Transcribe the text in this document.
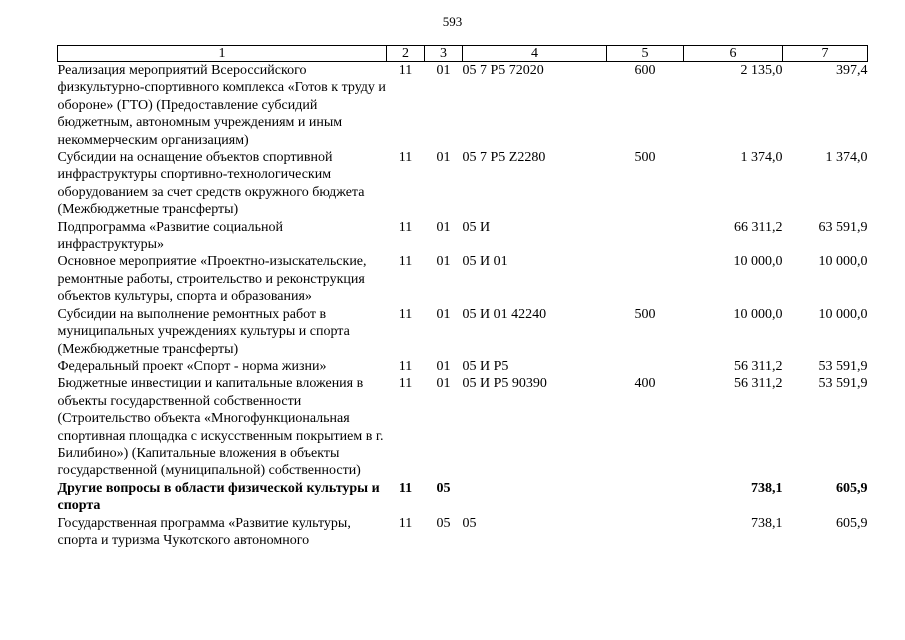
593
1	2	3	4	5	6	7
Реализация мероприятий Всероссийского физкультурно-спортивного комплекса «Готов к труду и обороне» (ГТО) (Предоставление субсидий бюджетным, автономным учреждениям и иным некоммерческим организациям)	11	01	05 7 Р5 72020	600	2 135,0	397,4
Субсидии на оснащение объектов спортивной инфраструктуры спортивно-технологическим оборудованием за счет средств окружного бюджета (Межбюджетные трансферты)	11	01	05 7 Р5 Z2280	500	1 374,0	1 374,0
Подпрограмма «Развитие социальной инфраструктуры»	11	01	05 И		66 311,2	63 591,9
Основное мероприятие «Проектно-изыскательские, ремонтные работы, строительство и реконструкция объектов культуры, спорта и образования»	11	01	05 И 01		10 000,0	10 000,0
Субсидии на выполнение ремонтных работ в муниципальных учреждениях культуры и спорта (Межбюджетные трансферты)	11	01	05 И 01 42240	500	10 000,0	10 000,0
Федеральный проект «Спорт - норма жизни»	11	01	05 И Р5		56 311,2	53 591,9
Бюджетные инвестиции и капитальные вложения в объекты государственной собственности (Строительство объекта «Многофункциональная спортивная площадка с искусственным покрытием в г. Билибино») (Капитальные вложения в объекты государственной (муниципальной) собственности)	11	01	05 И Р5 90390	400	56 311,2	53 591,9
Другие вопросы в области физической культуры и спорта	11	05			738,1	605,9
Государственная программа «Развитие культуры, спорта и туризма Чукотского автономного	11	05	05		738,1	605,9
